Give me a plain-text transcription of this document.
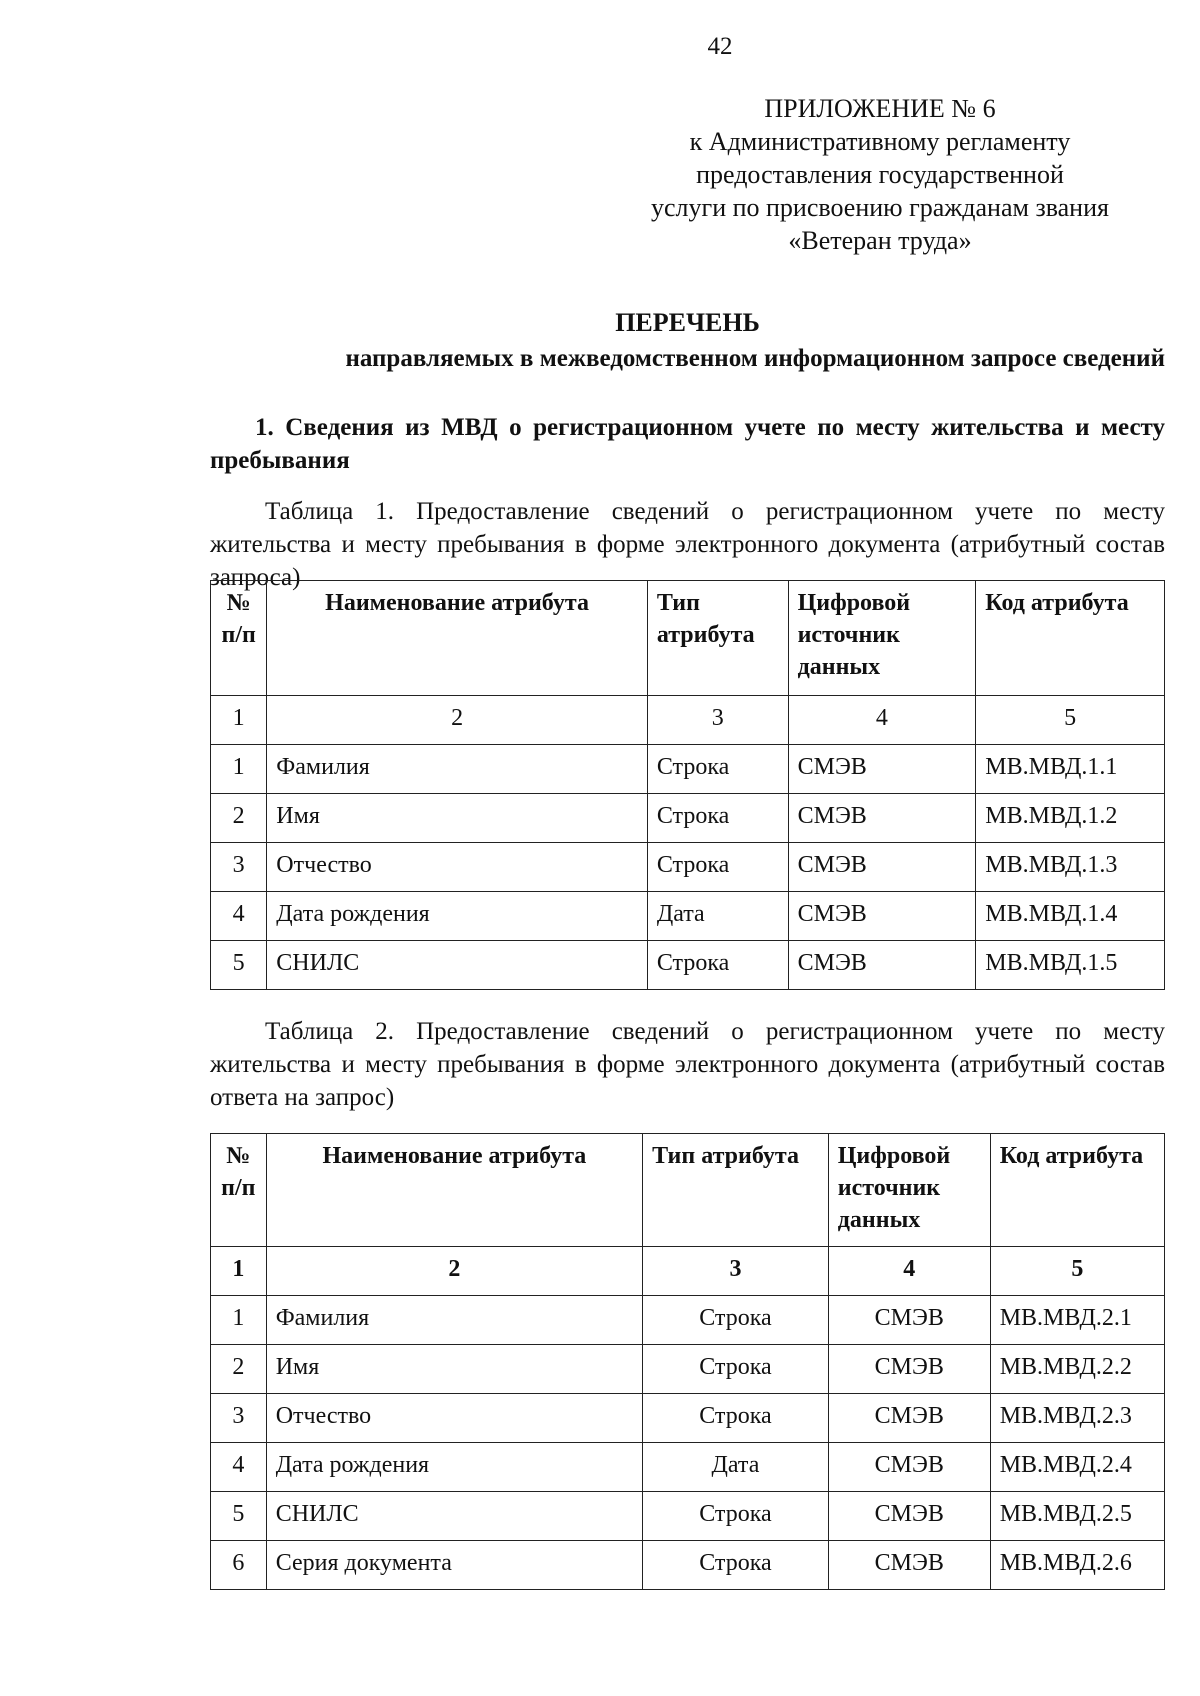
42
ПРИЛОЖЕНИЕ № 6
к Административному регламенту
предоставления государственной
услуги по присвоению гражданам звания
«Ветеран труда»
ПЕРЕЧЕНЬ
направляемых в межведомственном информационном запросе сведений
1. Сведения из МВД о регистрационном учете по месту жительства и месту пребывания
Таблица 1. Предоставление сведений о регистрационном учете по месту жительства и месту пребывания в форме электронного документа (атрибутный состав запроса)
№ п/п	Наименование атрибута	Тип атрибута	Цифровой источник данных	Код атрибута
1	2	3	4	5
1	Фамилия	Строка	СМЭВ	МВ.МВД.1.1
2	Имя	Строка	СМЭВ	МВ.МВД.1.2
3	Отчество	Строка	СМЭВ	МВ.МВД.1.3
4	Дата рождения	Дата	СМЭВ	МВ.МВД.1.4
5	СНИЛС	Строка	СМЭВ	МВ.МВД.1.5
Таблица 2. Предоставление сведений о регистрационном учете по месту жительства и месту пребывания в форме электронного документа (атрибутный состав ответа на запрос)
№ п/п	Наименование атрибута	Тип атрибута	Цифровой источник данных	Код атрибута
1	2	3	4	5
1	Фамилия	Строка	СМЭВ	МВ.МВД.2.1
2	Имя	Строка	СМЭВ	МВ.МВД.2.2
3	Отчество	Строка	СМЭВ	МВ.МВД.2.3
4	Дата рождения	Дата	СМЭВ	МВ.МВД.2.4
5	СНИЛС	Строка	СМЭВ	МВ.МВД.2.5
6	Серия документа	Строка	СМЭВ	МВ.МВД.2.6
